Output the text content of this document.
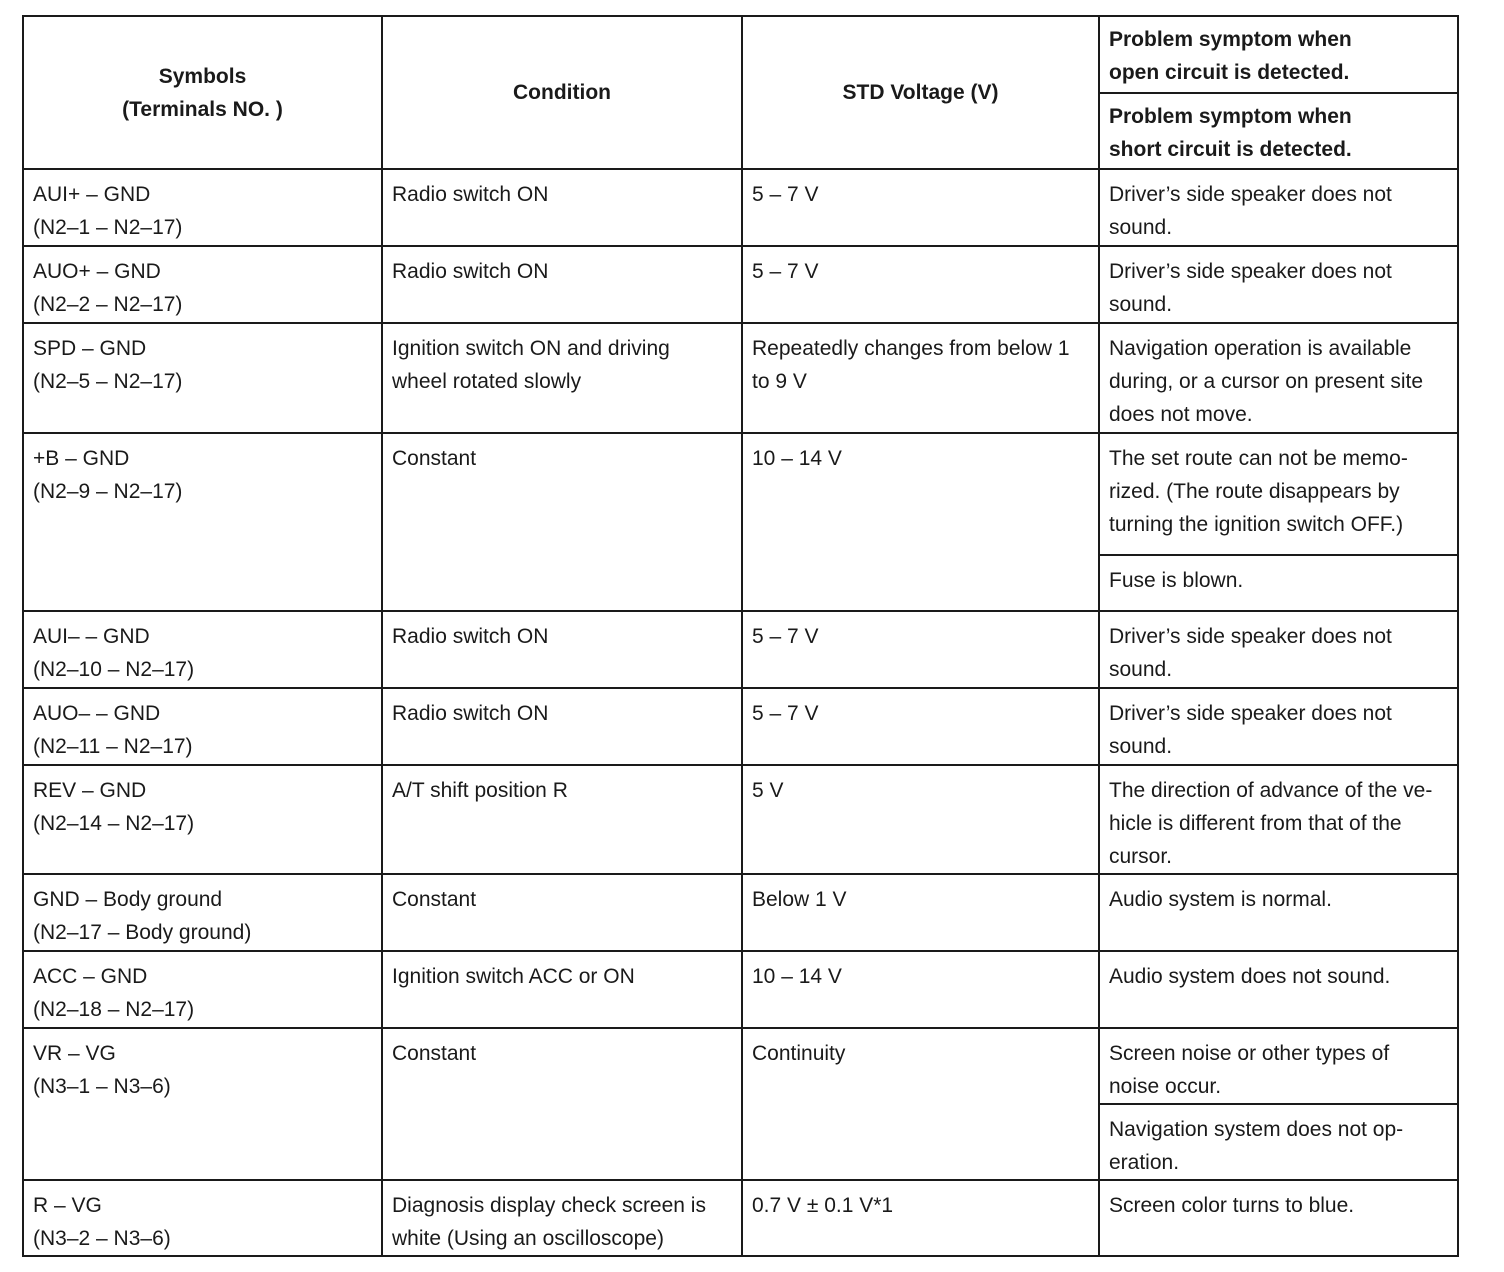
Symbols
(Terminals NO. )	Condition	STD Voltage (V)	Problem symptom when
open circuit is detected.

			Problem symptom when
short circuit is detected.

AUI+ – GND
(N2–1 – N2–17)	Radio switch ON	5 – 7 V	Driver’s side speaker does not
sound.

AUO+ – GND
(N2–2 – N2–17)	Radio switch ON	5 – 7 V	Driver’s side speaker does not
sound.

SPD – GND
(N2–5 – N2–17)	Ignition switch ON and driving
wheel rotated slowly	Repeatedly changes from below 1
to 9 V	Navigation operation is available
during, or a cursor on present site
does not move.

+B – GND
(N2–9 – N2–17)	Constant	10 – 14 V	The set route can not be memo-
rized. (The route disappears by
turning the ignition switch OFF.)

			Fuse is blown.

AUI– – GND
(N2–10 – N2–17)	Radio switch ON	5 – 7 V	Driver’s side speaker does not
sound.

AUO– – GND
(N2–11 – N2–17)	Radio switch ON	5 – 7 V	Driver’s side speaker does not
sound.

REV – GND
(N2–14 – N2–17)	A/T shift position R	5 V	The direction of advance of the ve-
hicle is different from that of the
cursor.

GND – Body ground
(N2–17 – Body ground)	Constant	Below 1 V	Audio system is normal.

ACC – GND
(N2–18 – N2–17)	Ignition switch ACC or ON	10 – 14 V	Audio system does not sound.

VR – VG
(N3–1 – N3–6)	Constant	Continuity	Screen noise or other types of
noise occur.

			Navigation system does not op-
eration.

R – VG
(N3–2 – N3–6)	Diagnosis display check screen is
white (Using an oscilloscope)	0.7 V ± 0.1 V*1	Screen color turns to blue.
